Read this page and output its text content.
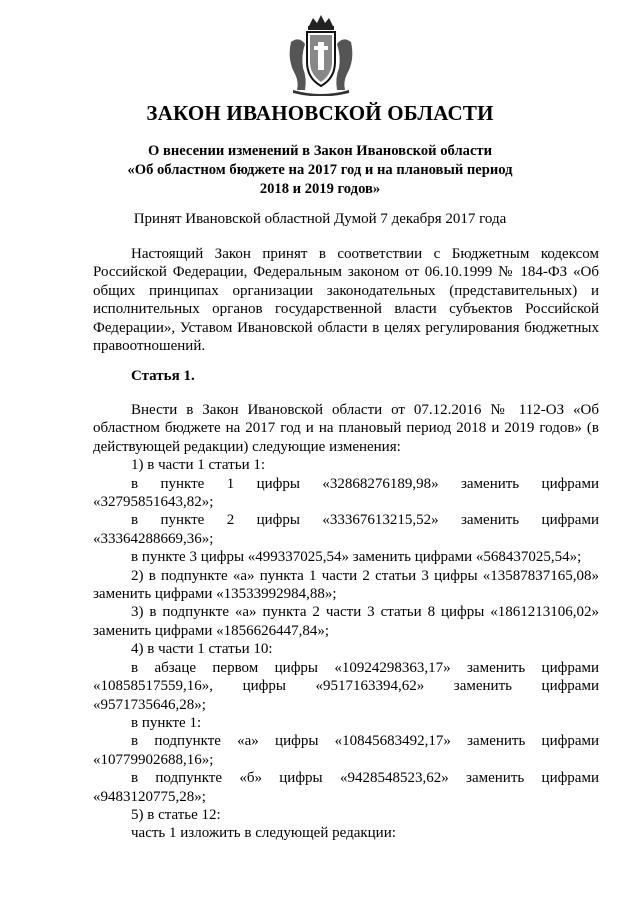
ЗАКОН ИВАНОВСКОЙ ОБЛАСТИ
О внесении изменений в Закон Ивановской области
«Об областном бюджете на 2017 год и на плановый период
2018 и 2019 годов»
Принят Ивановской областной Думой 7 декабря 2017 года
Настоящий Закон принят в соответствии с Бюджетным кодексом Российской Федерации, Федеральным законом от 06.10.1999 № 184-ФЗ «Об общих принципах организации законодательных (представительных) и исполнительных органов государственной власти субъектов Российской Федерации», Уставом Ивановской области в целях регулирования бюджетных правоотношений.
Статья 1.
Внести в Закон Ивановской области от 07.12.2016 № 112-ОЗ «Об областном бюджете на 2017 год и на плановый период 2018 и 2019 годов» (в действующей редакции) следующие изменения:
1) в части 1 статьи 1:
в пункте 1 цифры «32868276189,98» заменить цифрами «32795851643,82»;
в пункте 2 цифры «33367613215,52» заменить цифрами «33364288669,36»;
в пункте 3 цифры «499337025,54» заменить цифрами «568437025,54»;
2) в подпункте «а» пункта 1 части 2 статьи 3 цифры «13587837165,08» заменить цифрами «13533992984,88»;
3) в подпункте «а» пункта 2 части 3 статьи 8 цифры «1861213106,02» заменить цифрами «1856626447,84»;
4) в части 1 статьи 10:
в абзаце первом цифры «10924298363,17» заменить цифрами «10858517559,16», цифры «9517163394,62» заменить цифрами «9571735646,28»;
в пункте 1:
в подпункте «а» цифры «10845683492,17» заменить цифрами «10779902688,16»;
в подпункте «б» цифры «9428548523,62» заменить цифрами «9483120775,28»;
5) в статье 12:
часть 1 изложить в следующей редакции:
